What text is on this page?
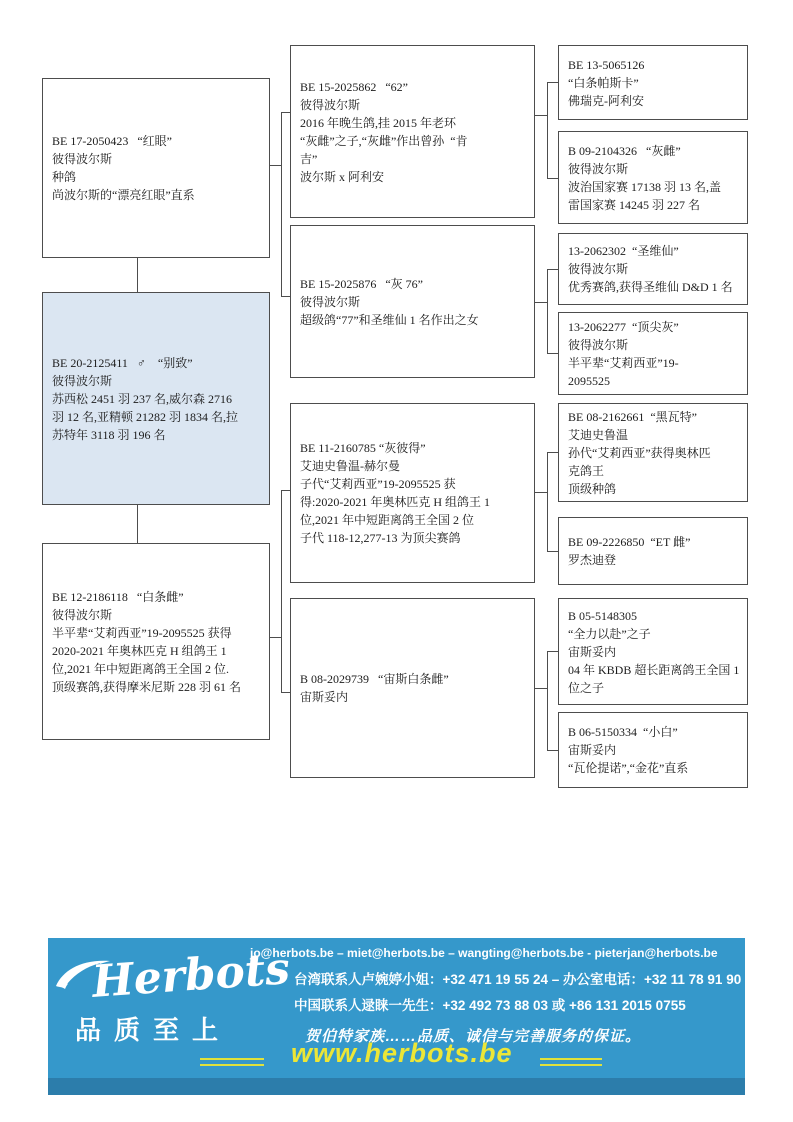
BE 17-2050423   “红眼”
彼得波尔斯
种鸽
尚波尔斯的“漂亮红眼”直系
BE 20-2125411   ♂    “别致”
彼得波尔斯
苏西松 2451 羽 237 名,威尔森 2716
羽 12 名,亚精顿 21282 羽 1834 名,拉
苏特年 3118 羽 196 名
BE 12-2186118   “白条雌”
彼得波尔斯
半平辈“艾莉西亚”19-2095525 获得
2020-2021 年奥林匹克 H 组鸽王 1
位,2021 年中短距离鸽王全国 2 位.
顶级赛鸽,获得摩米尼斯 228 羽 61 名
BE 15-2025862   “62”
彼得波尔斯
2016 年晚生鸽,挂 2015 年老环
“灰雌”之子,“灰雌”作出曾孙  “肯
吉”
波尔斯 x 阿利安
BE 15-2025876   “灰 76”
彼得波尔斯
超级鸽“77”和圣维仙 1 名作出之女
BE 11-2160785 “灰彼得”
艾迪史鲁温-赫尔曼
子代“艾莉西亚”19-2095525 获
得:2020-2021 年奥林匹克 H 组鸽王 1
位,2021 年中短距离鸽王全国 2 位
子代 118-12,277-13 为顶尖赛鸽
B 08-2029739   “宙斯白条雌”
宙斯妥内
BE 13-5065126
“白条帕斯卡”
佛瑞克-阿利安
B 09-2104326   “灰雌”
彼得波尔斯
波治国家赛 17138 羽 13 名,盖
雷国家赛 14245 羽 227 名
13-2062302  “圣维仙”
彼得波尔斯
优秀赛鸽,获得圣维仙 D&D 1 名
13-2062277  “顶尖灰”
彼得波尔斯
半平辈“艾莉西亚”19-
2095525
BE 08-2162661  “黑瓦特”
艾迪史鲁温
孙代“艾莉西亚”获得奥林匹
克鸽王
顶级种鸽
BE 09-2226850  “ET 雌”
罗杰迪登
B 05-5148305
“全力以赴”之子
宙斯妥内
04 年 KBDB 超长距离鸽王全国 1
位之子
B 06-5150334  “小白”
宙斯妥内
“瓦伦提诺”,“金花”直系
Herbots
品质至上
jo@herbots.be – miet@herbots.be – wangting@herbots.be - pieterjan@herbots.be
台湾联系人卢婉婷小姐：+32 471 19 55 24 – 办公室电话：+32 11 78 91 90
中国联系人逯睐一先生：+32 492 73 88 03 或 +86 131 2015 0755
贺伯特家族……品质、诚信与完善服务的保证。
www.herbots.be
